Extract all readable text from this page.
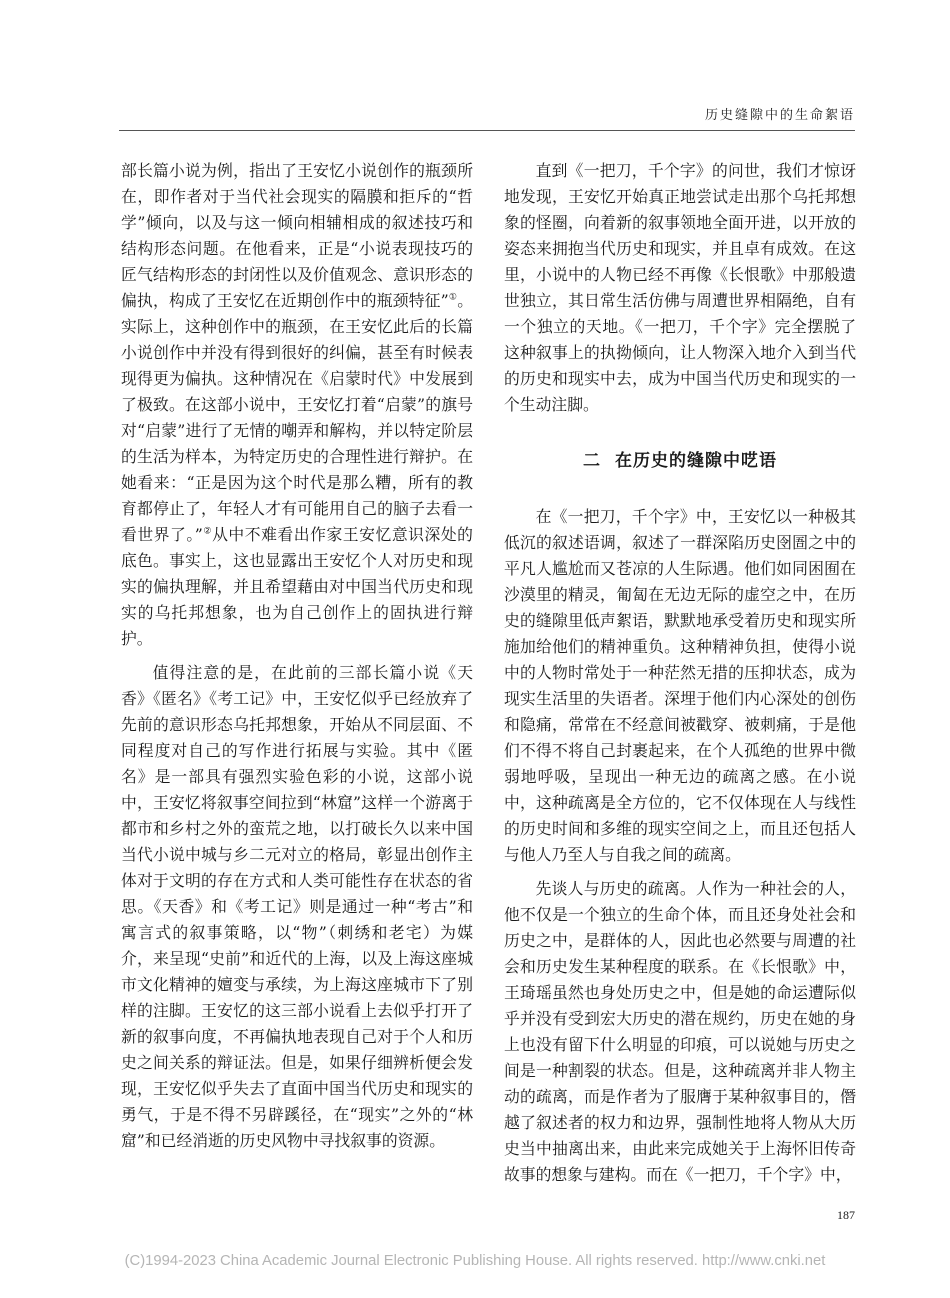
历史缝隙中的生命絮语

部长篇小说为例，指出了王安忆小说创作的瓶颈所在，即作者对于当代社会现实的隔膜和拒斥的“哲学”倾向，以及与这一倾向相辅相成的叙述技巧和结构形态问题。在他看来，正是“小说表现技巧的匠气结构形态的封闭性以及价值观念、意识形态的偏执，构成了王安忆在近期创作中的瓶颈特征”①。实际上，这种创作中的瓶颈，在王安忆此后的长篇小说创作中并没有得到很好的纠偏，甚至有时候表现得更为偏执。这种情况在《启蒙时代》中发展到了极致。在这部小说中，王安忆打着“启蒙”的旗号对“启蒙”进行了无情的嘲弄和解构，并以特定阶层的生活为样本，为特定历史的合理性进行辩护。在她看来：“正是因为这个时代是那么糟，所有的教育都停止了，年轻人才有可能用自己的脑子去看一看世界了。”②从中不难看出作家王安忆意识深处的底色。事实上，这也显露出王安忆个人对历史和现实的偏执理解，并且希望藉由对中国当代历史和现实的乌托邦想象，也为自己创作上的固执进行辩护。

值得注意的是，在此前的三部长篇小说《天香》《匿名》《考工记》中，王安忆似乎已经放弃了先前的意识形态乌托邦想象，开始从不同层面、不同程度对自己的写作进行拓展与实验。其中《匿名》是一部具有强烈实验色彩的小说，这部小说中，王安忆将叙事空间拉到“林窟”这样一个游离于都市和乡村之外的蛮荒之地，以打破长久以来中国当代小说中城与乡二元对立的格局，彰显出创作主体对于文明的存在方式和人类可能性存在状态的省思。《天香》和《考工记》则是通过一种“考古”和寓言式的叙事策略，以“物”（刺绣和老宅）为媒介，来呈现“史前”和近代的上海，以及上海这座城市文化精神的嬗变与承续，为上海这座城市下了别样的注脚。王安忆的这三部小说看上去似乎打开了新的叙事向度，不再偏执地表现自己对于个人和历史之间关系的辩证法。但是，如果仔细辨析便会发现，王安忆似乎失去了直面中国当代历史和现实的勇气，于是不得不另辟蹊径，在“现实”之外的“林窟”和已经消逝的历史风物中寻找叙事的资源。

直到《一把刀，千个字》的问世，我们才惊讶地发现，王安忆开始真正地尝试走出那个乌托邦想象的怪圈，向着新的叙事领地全面开进，以开放的姿态来拥抱当代历史和现实，并且卓有成效。在这里，小说中的人物已经不再像《长恨歌》中那般遗世独立，其日常生活仿佛与周遭世界相隔绝，自有一个独立的天地。《一把刀，千个字》完全摆脱了这种叙事上的执拗倾向，让人物深入地介入到当代的历史和现实中去，成为中国当代历史和现实的一个生动注脚。

二 在历史的缝隙中呓语

在《一把刀，千个字》中，王安忆以一种极其低沉的叙述语调，叙述了一群深陷历史囹圄之中的平凡人尴尬而又苍凉的人生际遇。他们如同困囿在沙漠里的精灵，匍匐在无边无际的虚空之中，在历史的缝隙里低声絮语，默默地承受着历史和现实所施加给他们的精神重负。这种精神负担，使得小说中的人物时常处于一种茫然无措的压抑状态，成为现实生活里的失语者。深埋于他们内心深处的创伤和隐痛，常常在不经意间被戳穿、被刺痛，于是他们不得不将自己封裹起来，在个人孤绝的世界中微弱地呼吸，呈现出一种无边的疏离之感。在小说中，这种疏离是全方位的，它不仅体现在人与线性的历史时间和多维的现实空间之上，而且还包括人与他人乃至人与自我之间的疏离。

先谈人与历史的疏离。人作为一种社会的人，他不仅是一个独立的生命个体，而且还身处社会和历史之中，是群体的人，因此也必然要与周遭的社会和历史发生某种程度的联系。在《长恨歌》中，王琦瑶虽然也身处历史之中，但是她的命运遭际似乎并没有受到宏大历史的潜在规约，历史在她的身上也没有留下什么明显的印痕，可以说她与历史之间是一种割裂的状态。但是，这种疏离并非人物主动的疏离，而是作者为了服膺于某种叙事目的，僭越了叙述者的权力和边界，强制性地将人物从大历史当中抽离出来，由此来完成她关于上海怀旧传奇故事的想象与建构。而在《一把刀，千个字》中，

187
(C)1994-2023 China Academic Journal Electronic Publishing House. All rights reserved. http://www.cnki.net
